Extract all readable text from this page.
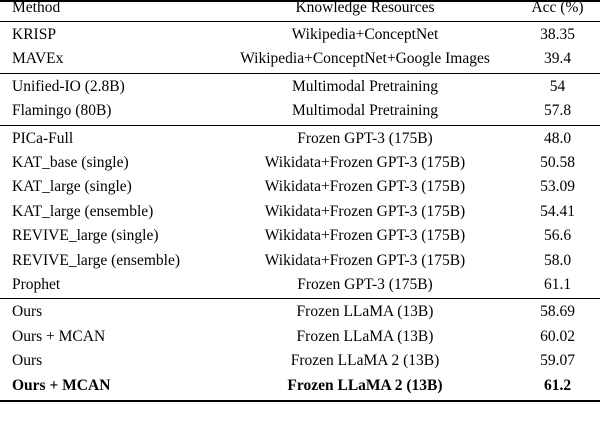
Method	Knowledge Resources	Acc (%)
KRISP	Wikipedia+ConceptNet	38.35
MAVEx	Wikipedia+ConceptNet+Google Images	39.4
Unified-IO (2.8B)	Multimodal Pretraining	54
Flamingo (80B)	Multimodal Pretraining	57.8
PICa-Full	Frozen GPT-3 (175B)	48.0
KAT_base (single)	Wikidata+Frozen GPT-3 (175B)	50.58
KAT_large (single)	Wikidata+Frozen GPT-3 (175B)	53.09
KAT_large (ensemble)	Wikidata+Frozen GPT-3 (175B)	54.41
REVIVE_large (single)	Wikidata+Frozen GPT-3 (175B)	56.6
REVIVE_large (ensemble)	Wikidata+Frozen GPT-3 (175B)	58.0
Prophet	Frozen GPT-3 (175B)	61.1
Ours	Frozen LLaMA (13B)	58.69
Ours + MCAN	Frozen LLaMA (13B)	60.02
Ours	Frozen LLaMA 2 (13B)	59.07
Ours + MCAN	Frozen LLaMA 2 (13B)	61.2
